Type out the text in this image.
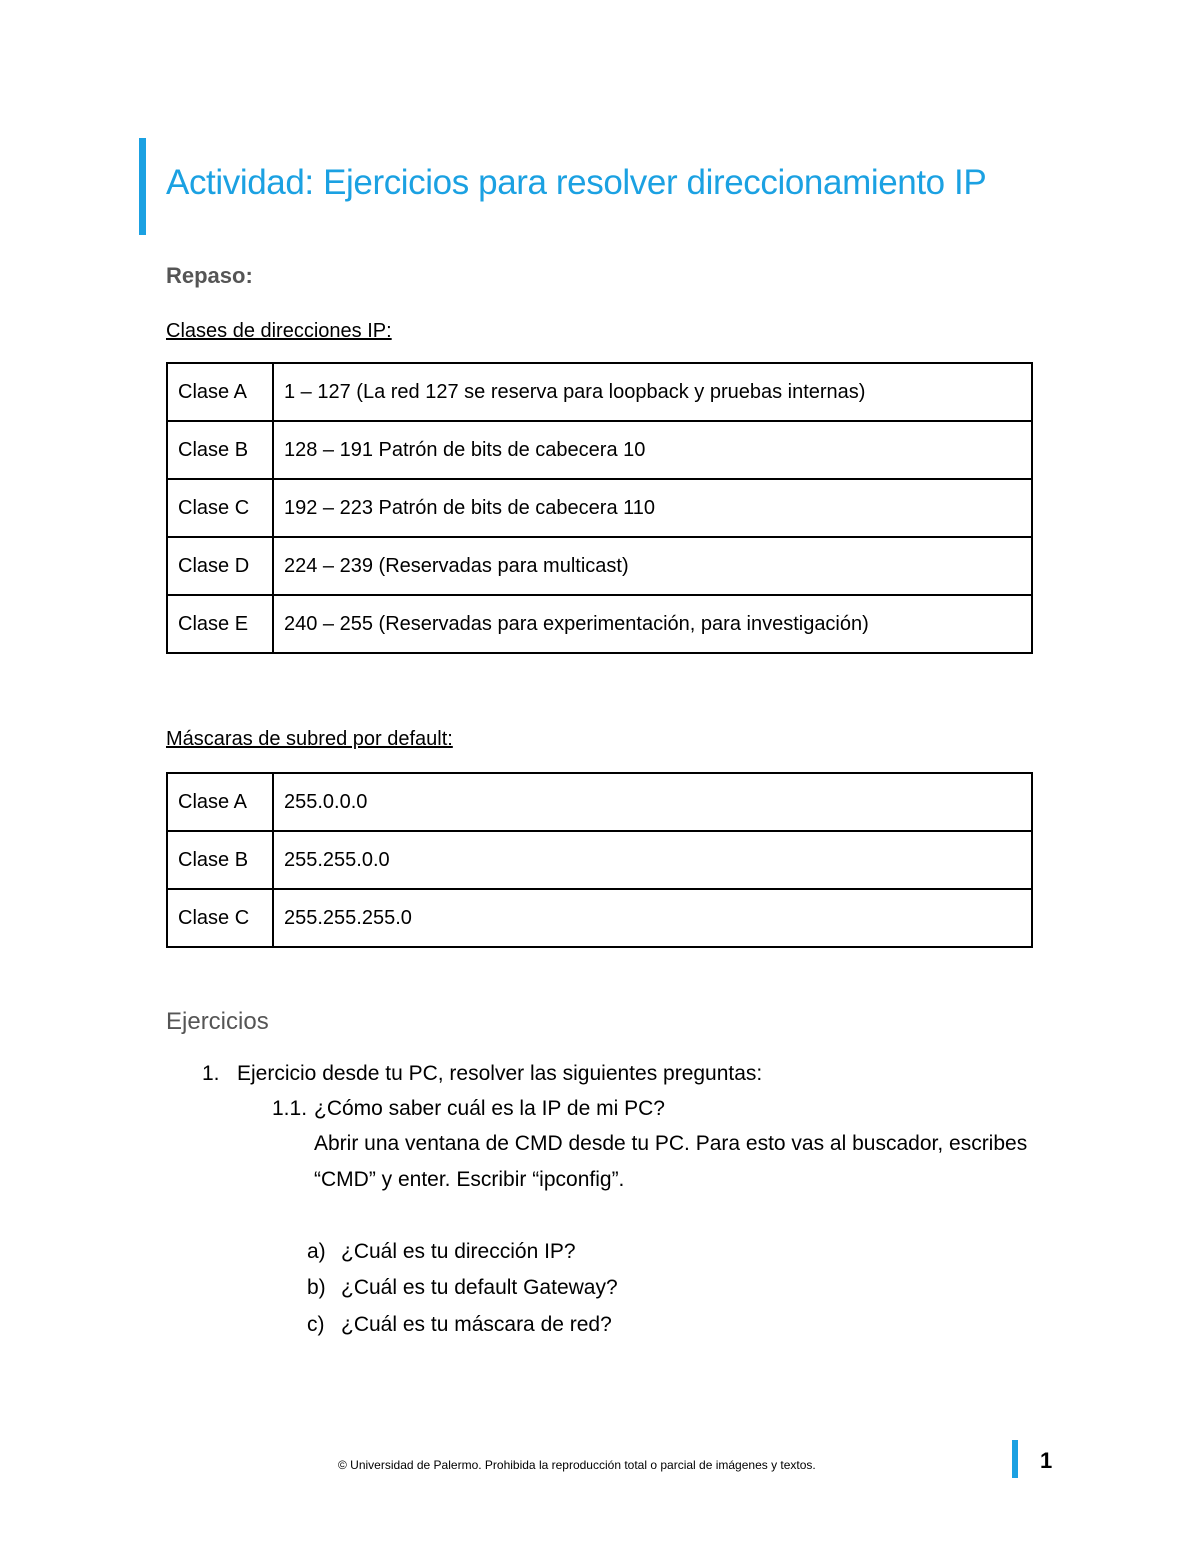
Actividad: Ejercicios para resolver direccionamiento IP
Repaso:
Clases de direcciones IP:
Clase A	1 – 127 (La red 127 se reserva para loopback y pruebas internas)
Clase B	128 – 191 Patrón de bits de cabecera 10
Clase C	192 – 223 Patrón de bits de cabecera 110
Clase D	224 – 239 (Reservadas para multicast)
Clase E	240 – 255 (Reservadas para experimentación, para investigación)
Máscaras de subred por default:
Clase A	255.0.0.0
Clase B	255.255.0.0
Clase C	255.255.255.0
Ejercicios
1. Ejercicio desde tu PC, resolver las siguientes preguntas:
1.1. ¿Cómo saber cuál es la IP de mi PC?
Abrir una ventana de CMD desde tu PC. Para esto vas al buscador, escribes
“CMD” y enter. Escribir “ipconfig”.
a) ¿Cuál es tu dirección IP?
b) ¿Cuál es tu default Gateway?
c) ¿Cuál es tu máscara de red?
© Universidad de Palermo. Prohibida la reproducción total o parcial de imágenes y textos.	1
